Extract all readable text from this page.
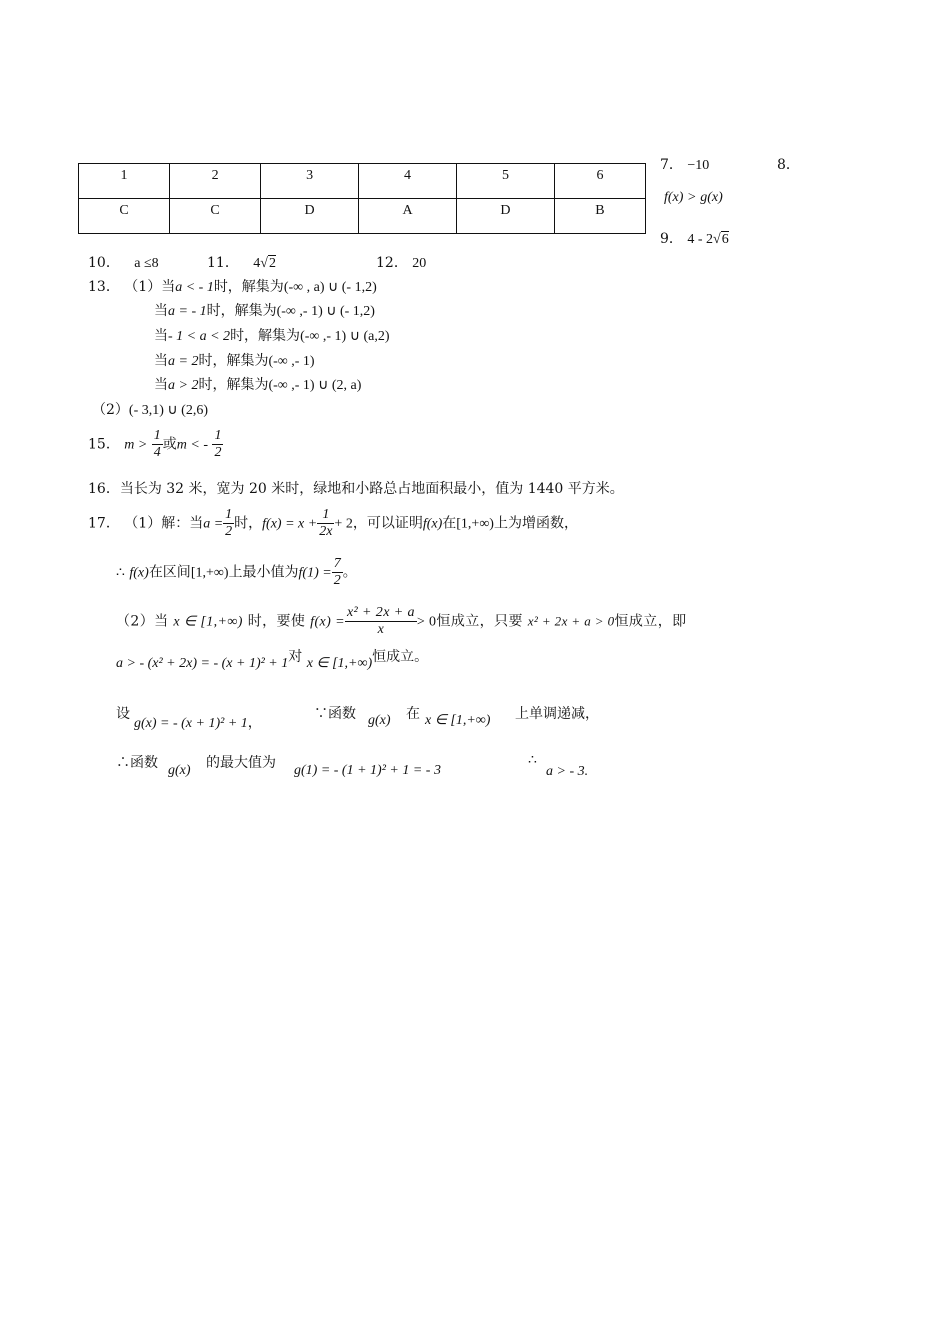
1	2	3	4	5	6
C	C	D	A	D	B
7． −10	8．
f(x) > g(x)
9． 4 - 2√6
10． a ≤8	11． 4√2	12． 20
13． （1）当a < - 1时，解集为(-∞ , a) ∪ (- 1,2)
当a = - 1时，解集为(-∞ ,- 1) ∪ (- 1,2)
当- 1 < a < 2时，解集为(-∞ ,- 1) ∪ (a,2)
当a = 2时，解集为(-∞ ,- 1)
当a > 2时，解集为(-∞ ,- 1) ∪ (2, a)
（2）(- 3,1) ∪ (2,6)
15． $m > \frac{1}{4}$ 或m < - $\frac{1}{2}$
16．当长为 32 米，宽为 20 米时，绿地和小路总占地面积最小，值为 1440 平方米。
17． （1）解：当$a = \frac{1}{2}$ 时，$f(x) = x + \frac{1}{2x} + 2$，可以证明f(x)在[1,+∞)上为增函数，
∴ f(x)在区间[1,+∞)上最小值为$f(1) = \frac{7}{2}$ 。
（2）当 x ∈ [1,+∞) 时，要使 $f(x) = \frac{\text{x² + 2x + a}}{x} > 0$恒成立，只要 x² + 2x + a > 0恒成立，即
a > - (x² + 2x) = - (x + 1)² + 1对 x ∈ [1,+∞)恒成立。
设
g(x) = - (x + 1)² + 1，
∵函数 g(x) 在 x ∈ [1,+∞) 上单调递减，
∴函数 g(x) 的最大值为 g(1) = - (1 + 1)² + 1 = - 3
∴
a > - 3.
